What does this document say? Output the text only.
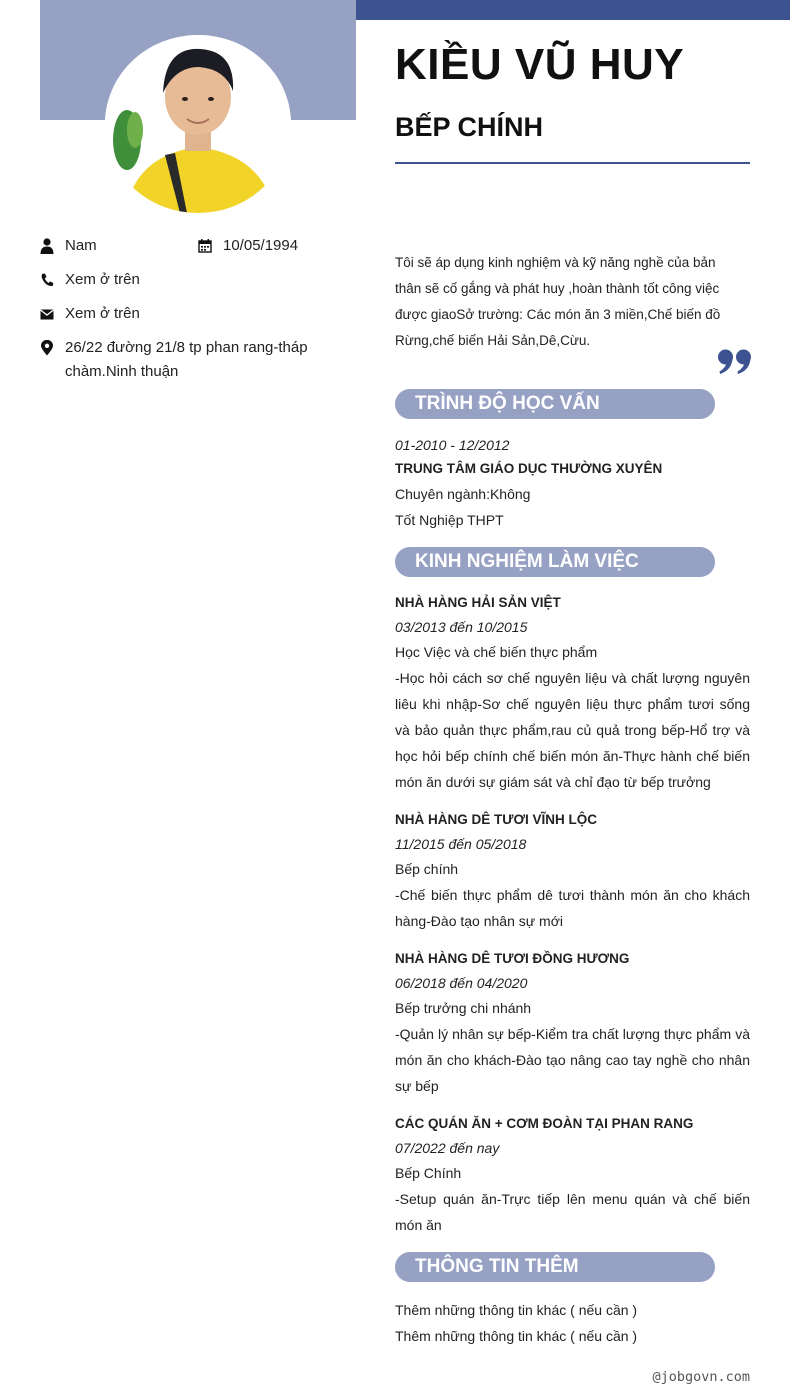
KIỀU VŨ HUY
BẾP CHÍNH
Nam	10/05/1994
Xem ở trên
Xem ở trên
26/22 đường 21/8 tp phan rang-tháp chàm.Ninh thuận
Tôi sẽ áp dụng kinh nghiệm và kỹ năng nghề của bản thân sẽ cố gắng và phát huy ,hoàn thành tốt công việc được giaoSở trường: Các món ăn 3 miền,Chế biến đồ Rừng,chế biến Hải Sản,Dê,Cừu.
TRÌNH ĐỘ HỌC VẤN
01-2010 - 12/2012
TRUNG TÂM GIÁO DỤC THƯỜNG XUYÊN
Chuyên ngành:Không
Tốt Nghiệp THPT
KINH NGHIỆM LÀM VIỆC
NHÀ HÀNG HẢI SẢN VIỆT
03/2013 đến 10/2015
Học Việc và chế biến thực phẩm
-Học hỏi cách sơ chế nguyên liệu và chất lượng nguyên liêu khi nhập-Sơ chế nguyên liệu thực phẩm tươi sống và bảo quản thực phẩm,rau củ quả trong bếp-Hổ trợ và học hỏi bếp chính chế biến món ăn-Thực hành chế biến món ăn dưới sự giám sát và chỉ đạo từ bếp trưởng
NHÀ HÀNG DÊ TƯƠI VĨNH LỘC
11/2015 đến 05/2018
Bếp chính
-Chế biến thực phẩm dê tươi thành món ăn cho khách hàng-Đào tạo nhân sự mới
NHÀ HÀNG DÊ TƯƠI ĐỒNG HƯƠNG
06/2018 đến 04/2020
Bếp trưởng chi nhánh
-Quản lý nhân sự bếp-Kiểm tra chất lượng thực phẩm và món ăn cho khách-Đào tạo nâng cao tay nghề cho nhân sự bếp
CÁC QUÁN ĂN + CƠM ĐOÀN TẠI PHAN RANG
07/2022 đến nay
Bếp Chính
-Setup quán ăn-Trực tiếp lên menu quán và chế biến món ăn
THÔNG TIN THÊM
Thêm những thông tin khác ( nếu cần )
Thêm những thông tin khác ( nếu cần )
@jobgovn.com
